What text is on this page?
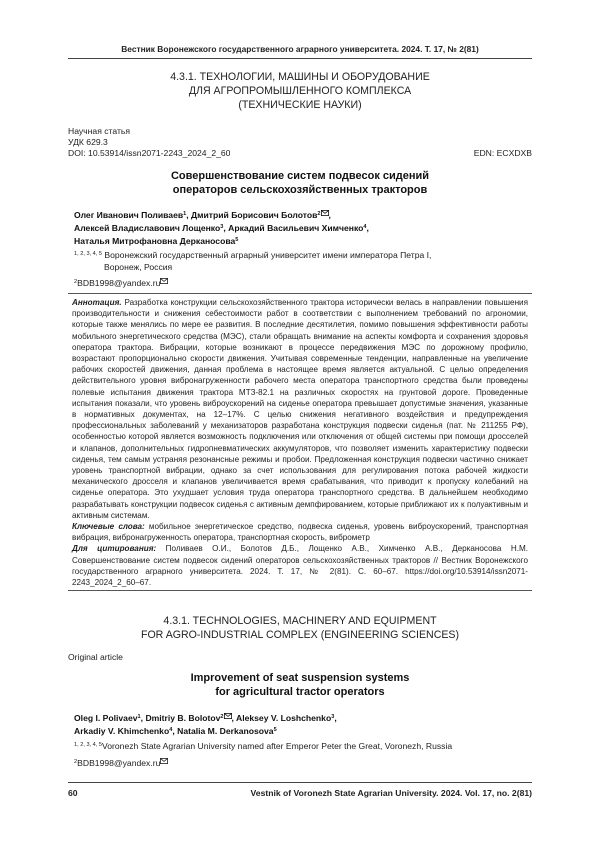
Вестник Воронежского государственного аграрного университета. 2024. Т. 17, № 2(81)
4.3.1. ТЕХНОЛОГИИ, МАШИНЫ И ОБОРУДОВАНИЕ
ДЛЯ АГРОПРОМЫШЛЕННОГО КОМПЛЕКСА
(ТЕХНИЧЕСКИЕ НАУКИ)
Научная статья
УДК 629.3
DOI: 10.53914/issn2071-2243_2024_2_60	EDN: ECXDXB
Совершенствование систем подвесок сидений
операторов сельскохозяйственных тракторов
Олег Иванович Поливаев$^1$, Дмитрий Борисович Болотов$^2$ ,
Алексей Владиславович Лощенко$^3$, Аркадий Васильевич Химченко$^4$,
Наталья Митрофановна Дерканосова$^5$
$^{1, 2, 3, 4, 5}$ Воронежский государственный аграрный университет имени императора Петра I,
Воронеж, Россия
$^2$BDB1998@yandex.ru

Аннотация. Разработка конструкции сельскохозяйственного трактора исторически велась в направлении повышения производительности и снижения себестоимости работ в соответствии с выполнением требований по агрономии, которые также менялись по мере ее развития. В последние десятилетия, помимо повышения эффективности работы мобильного энергетического средства (МЭС), стали обращать внимание на аспекты комфорта и сохранения здоровья оператора трактора. Вибрации, которые возникают в процессе передвижения МЭС по дорожному профилю, возрастают пропорционально скорости движения. Учитывая современные тенденции, направленные на увеличение рабочих скоростей движения, данная проблема в настоящее время является актуальной. С целью определения действительного уровня вибронагруженности рабочего места оператора транспортного средства были проведены полевые испытания движения трактора МТЗ-82.1 на различных скоростях на грунтовой дороге. Проведенные испытания показали, что уровень виброускорений на сиденье оператора превышает допустимые значения, указанные в нормативных документах, на 12–17%. С целью снижения негативного воздействия и предупреждения профессиональных заболеваний у механизаторов разработана конструкция подвески сиденья (пат. № 211255 РФ), особенностью которой является возможность подключения или отключения от общей системы при помощи дросселей и клапанов, дополнительных гидропневматических аккумуляторов, что позволяет изменить характеристику подвески сиденья, тем самым устраняя резонансные режимы и пробои. Предложенная конструкция подвески частично снижает уровень транспортной вибрации, однако за счет использования для регулирования потока рабочей жидкости механического дросселя и клапанов увеличивается время срабатывания, что приводит к пропуску колебаний на сиденье оператора. Это ухудшает условия труда оператора транспортного средства. В дальнейшем необходимо разрабатывать конструкции подвесок сиденья с активным демпфированием, которые приближают их к полуактивным и активным системам.

Ключевые слова: мобильное энергетическое средство, подвеска сиденья, уровень виброускорений, транспортная вибрация, вибронагруженность оператора, транспортная скорость, виброметр

Для цитирования: Поливаев О.И., Болотов Д.Б., Лощенко А.В., Химченко А.В., Дерканосова Н.М. Совершенствование систем подвесок сидений операторов сельскохозяйственных тракторов // Вестник Воронежского государственного аграрного университета. 2024. Т. 17, № 2(81). С. 60–67. https://doi.org/10.53914/issn2071-2243_2024_2_60–67.

4.3.1. TECHNOLOGIES, MACHINERY AND EQUIPMENT
FOR AGRO-INDUSTRIAL COMPLEX (ENGINEERING SCIENCES)
Original article
Improvement of seat suspension systems
for agricultural tractor operators
Oleg I. Polivaev$^1$, Dmitriy B. Bolotov$^2$ , Aleksey V. Loshchenko$^3$,
Arkadiy V. Khimchenko$^4$, Natalia M. Derkanosova$^5$
$^{1, 2, 3, 4, 5}$Voronezh State Agrarian University named after Emperor Peter the Great, Voronezh, Russia
$^2$BDB1998@yandex.ru
60	Vestnik of Voronezh State Agrarian University. 2024. Vol. 17, no. 2(81)
